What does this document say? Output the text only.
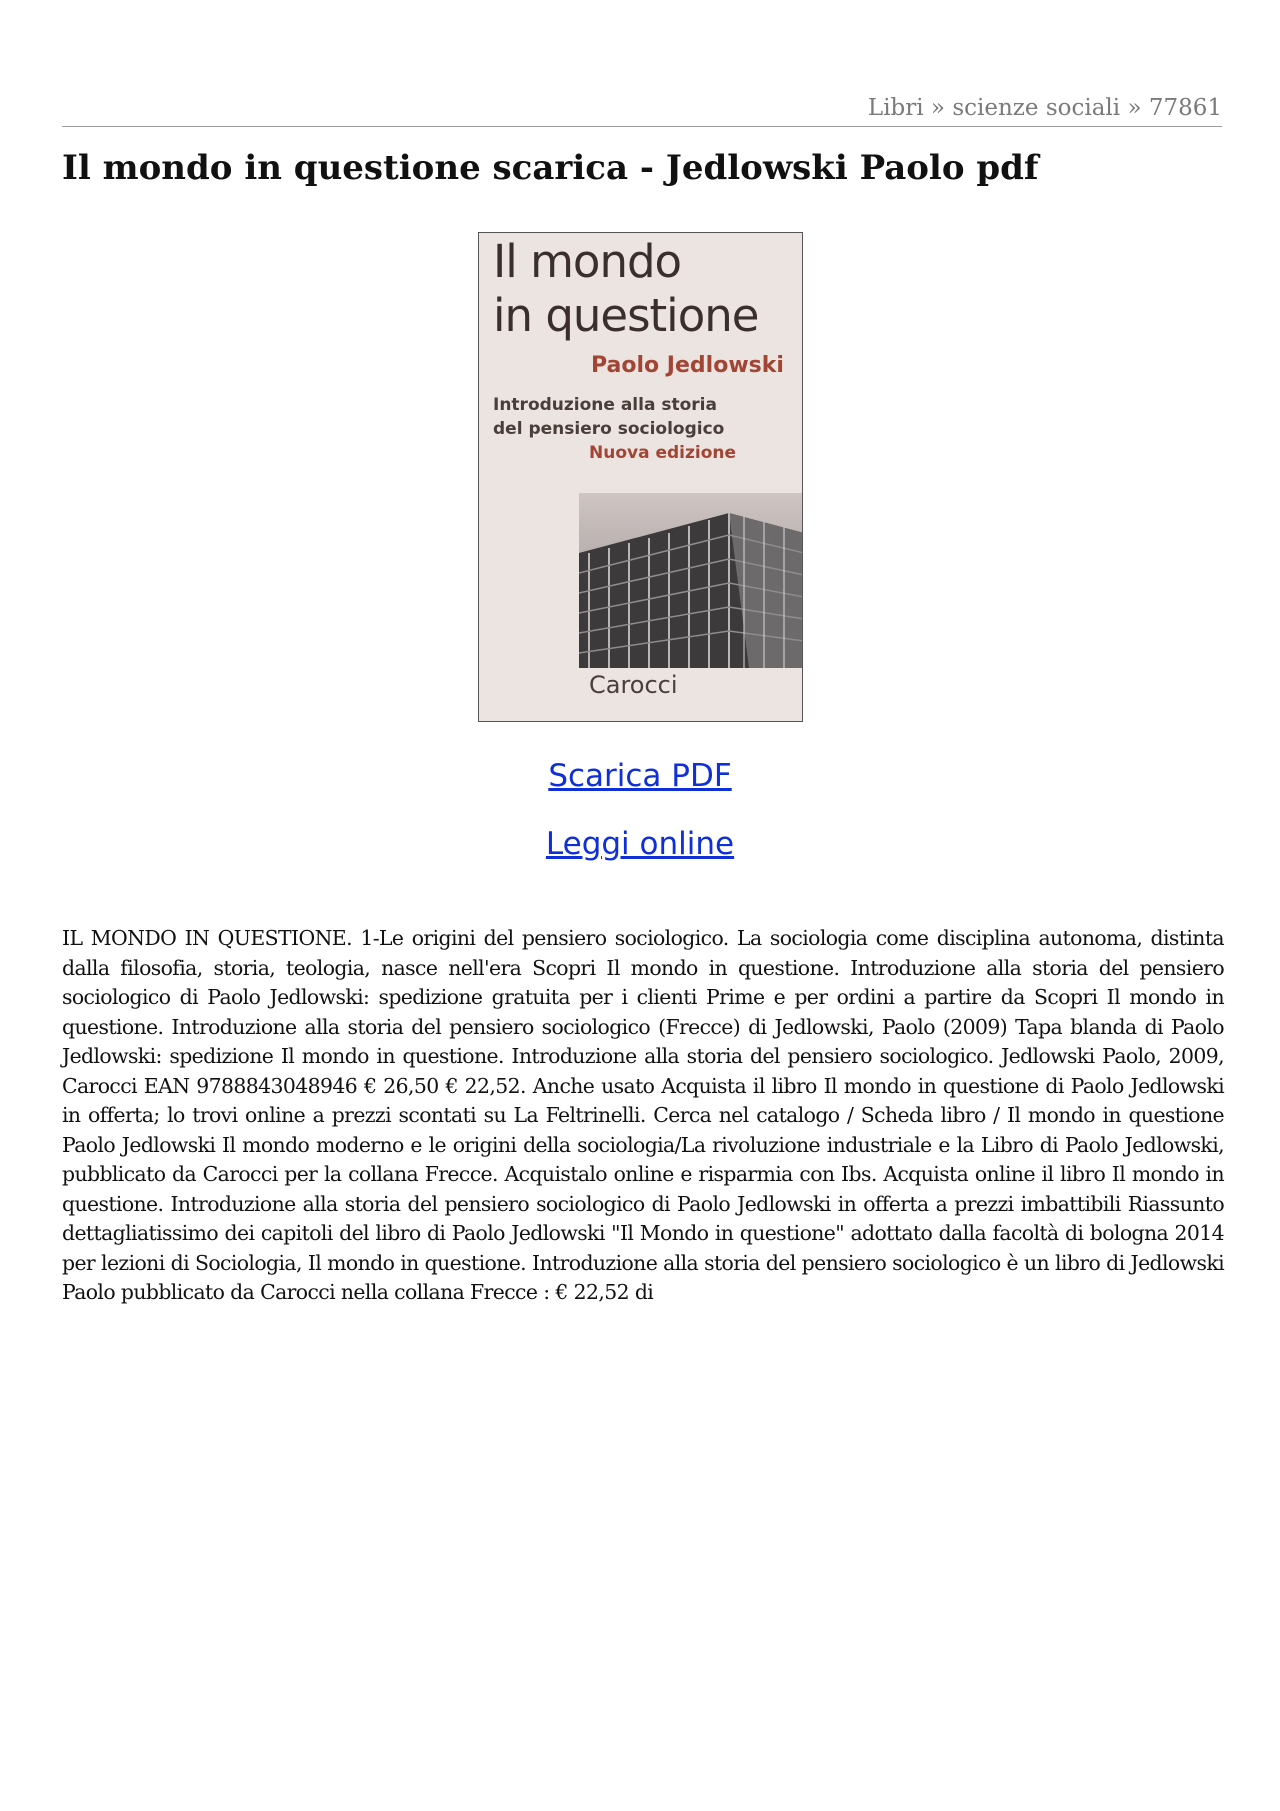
Libri » scienze sociali » 77861
Il mondo in questione scarica - Jedlowski Paolo pdf
Il mondo
in questione
Paolo Jedlowski
Introduzione alla storia
del pensiero sociologico
Nuova edizione
Carocci
Scarica PDF
Leggi online

IL MONDO IN QUESTIONE. 1-Le origini del pensiero sociologico. La sociologia come disciplina autonoma, distinta dalla filosofia, storia, teologia, nasce nell'era Scopri Il mondo in questione. Introduzione alla storia del pensiero sociologico di Paolo Jedlowski: spedizione gratuita per i clienti Prime e per ordini a partire da Scopri Il mondo in questione. Introduzione alla storia del pensiero sociologico (Frecce) di Jedlowski, Paolo (2009) Tapa blanda di Paolo Jedlowski: spedizione Il mondo in questione. Introduzione alla storia del pensiero sociologico. Jedlowski Paolo, 2009, Carocci EAN 9788843048946 € 26,50 € 22,52. Anche usato Acquista il libro Il mondo in questione di Paolo Jedlowski in offerta; lo trovi online a prezzi scontati su La Feltrinelli. Cerca nel catalogo / Scheda libro / Il mondo in questione Paolo Jedlowski Il mondo moderno e le origini della sociologia/La rivoluzione industriale e la Libro di Paolo Jedlowski, pubblicato da Carocci per la collana Frecce. Acquistalo online e risparmia con Ibs. Acquista online il libro Il mondo in questione. Introduzione alla storia del pensiero sociologico di Paolo Jedlowski in offerta a prezzi imbattibili Riassunto dettagliatissimo dei capitoli del libro di Paolo Jedlowski "Il Mondo in questione" adottato dalla facoltà di bologna 2014 per lezioni di Sociologia, Il mondo in questione. Introduzione alla storia del pensiero sociologico è un libro di Jedlowski Paolo pubblicato da Carocci nella collana Frecce : € 22,52 di
